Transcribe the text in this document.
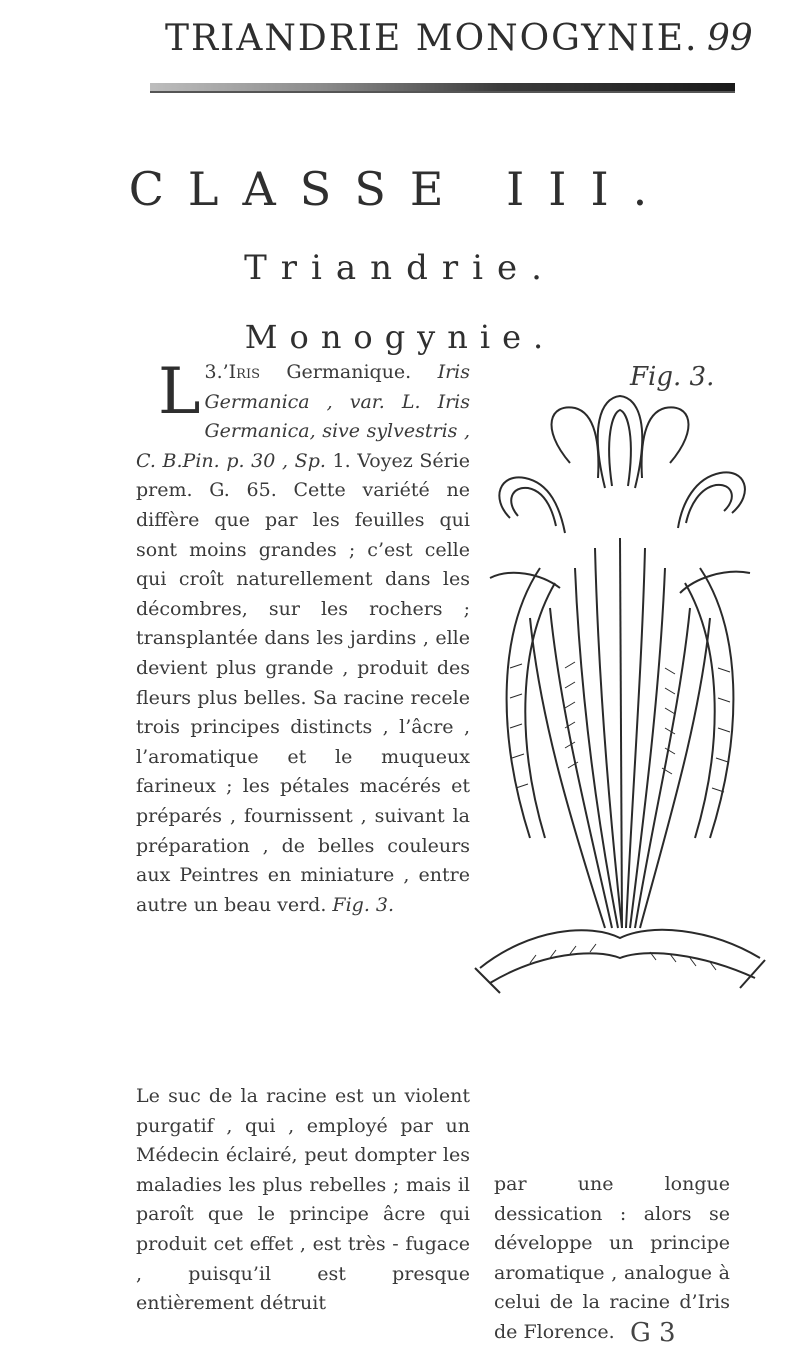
TRIANDRIE MONOGYNIE. 99
CLASSE III.
Triandrie.
Monogynie.
3.
L ’Iris Germanique. Iris Germanica , var. L. Iris Germanica, sive sylvestris , C. B.Pin. p. 30 , Sp. 1. Voyez Série prem. G. 65. Cette variété ne diffère que par les feuilles qui sont moins grandes ; c’est celle qui croît naturellement dans les décombres, sur les rochers ; transplantée dans les jardins , elle devient plus grande , produit des fleurs plus belles. Sa racine recele trois principes distincts , l’âcre , l’aromatique et le muqueux farineux ; les pétales macérés et préparés , fournissent , suivant la préparation , de belles couleurs aux Peintres en miniature , entre autre un beau verd. Fig. 3.
Fig. 3.
Le suc de la racine est un violent purgatif , qui , employé par un Médecin éclairé, peut dompter les maladies les plus rebelles ; mais il paroît que le principe âcre qui produit cet effet , est très - fugace , puisqu’il est presque entièrement détruit
par une longue dessication : alors se développe un principe aromatique , analogue à celui de la racine d’Iris de Florence. G 3
